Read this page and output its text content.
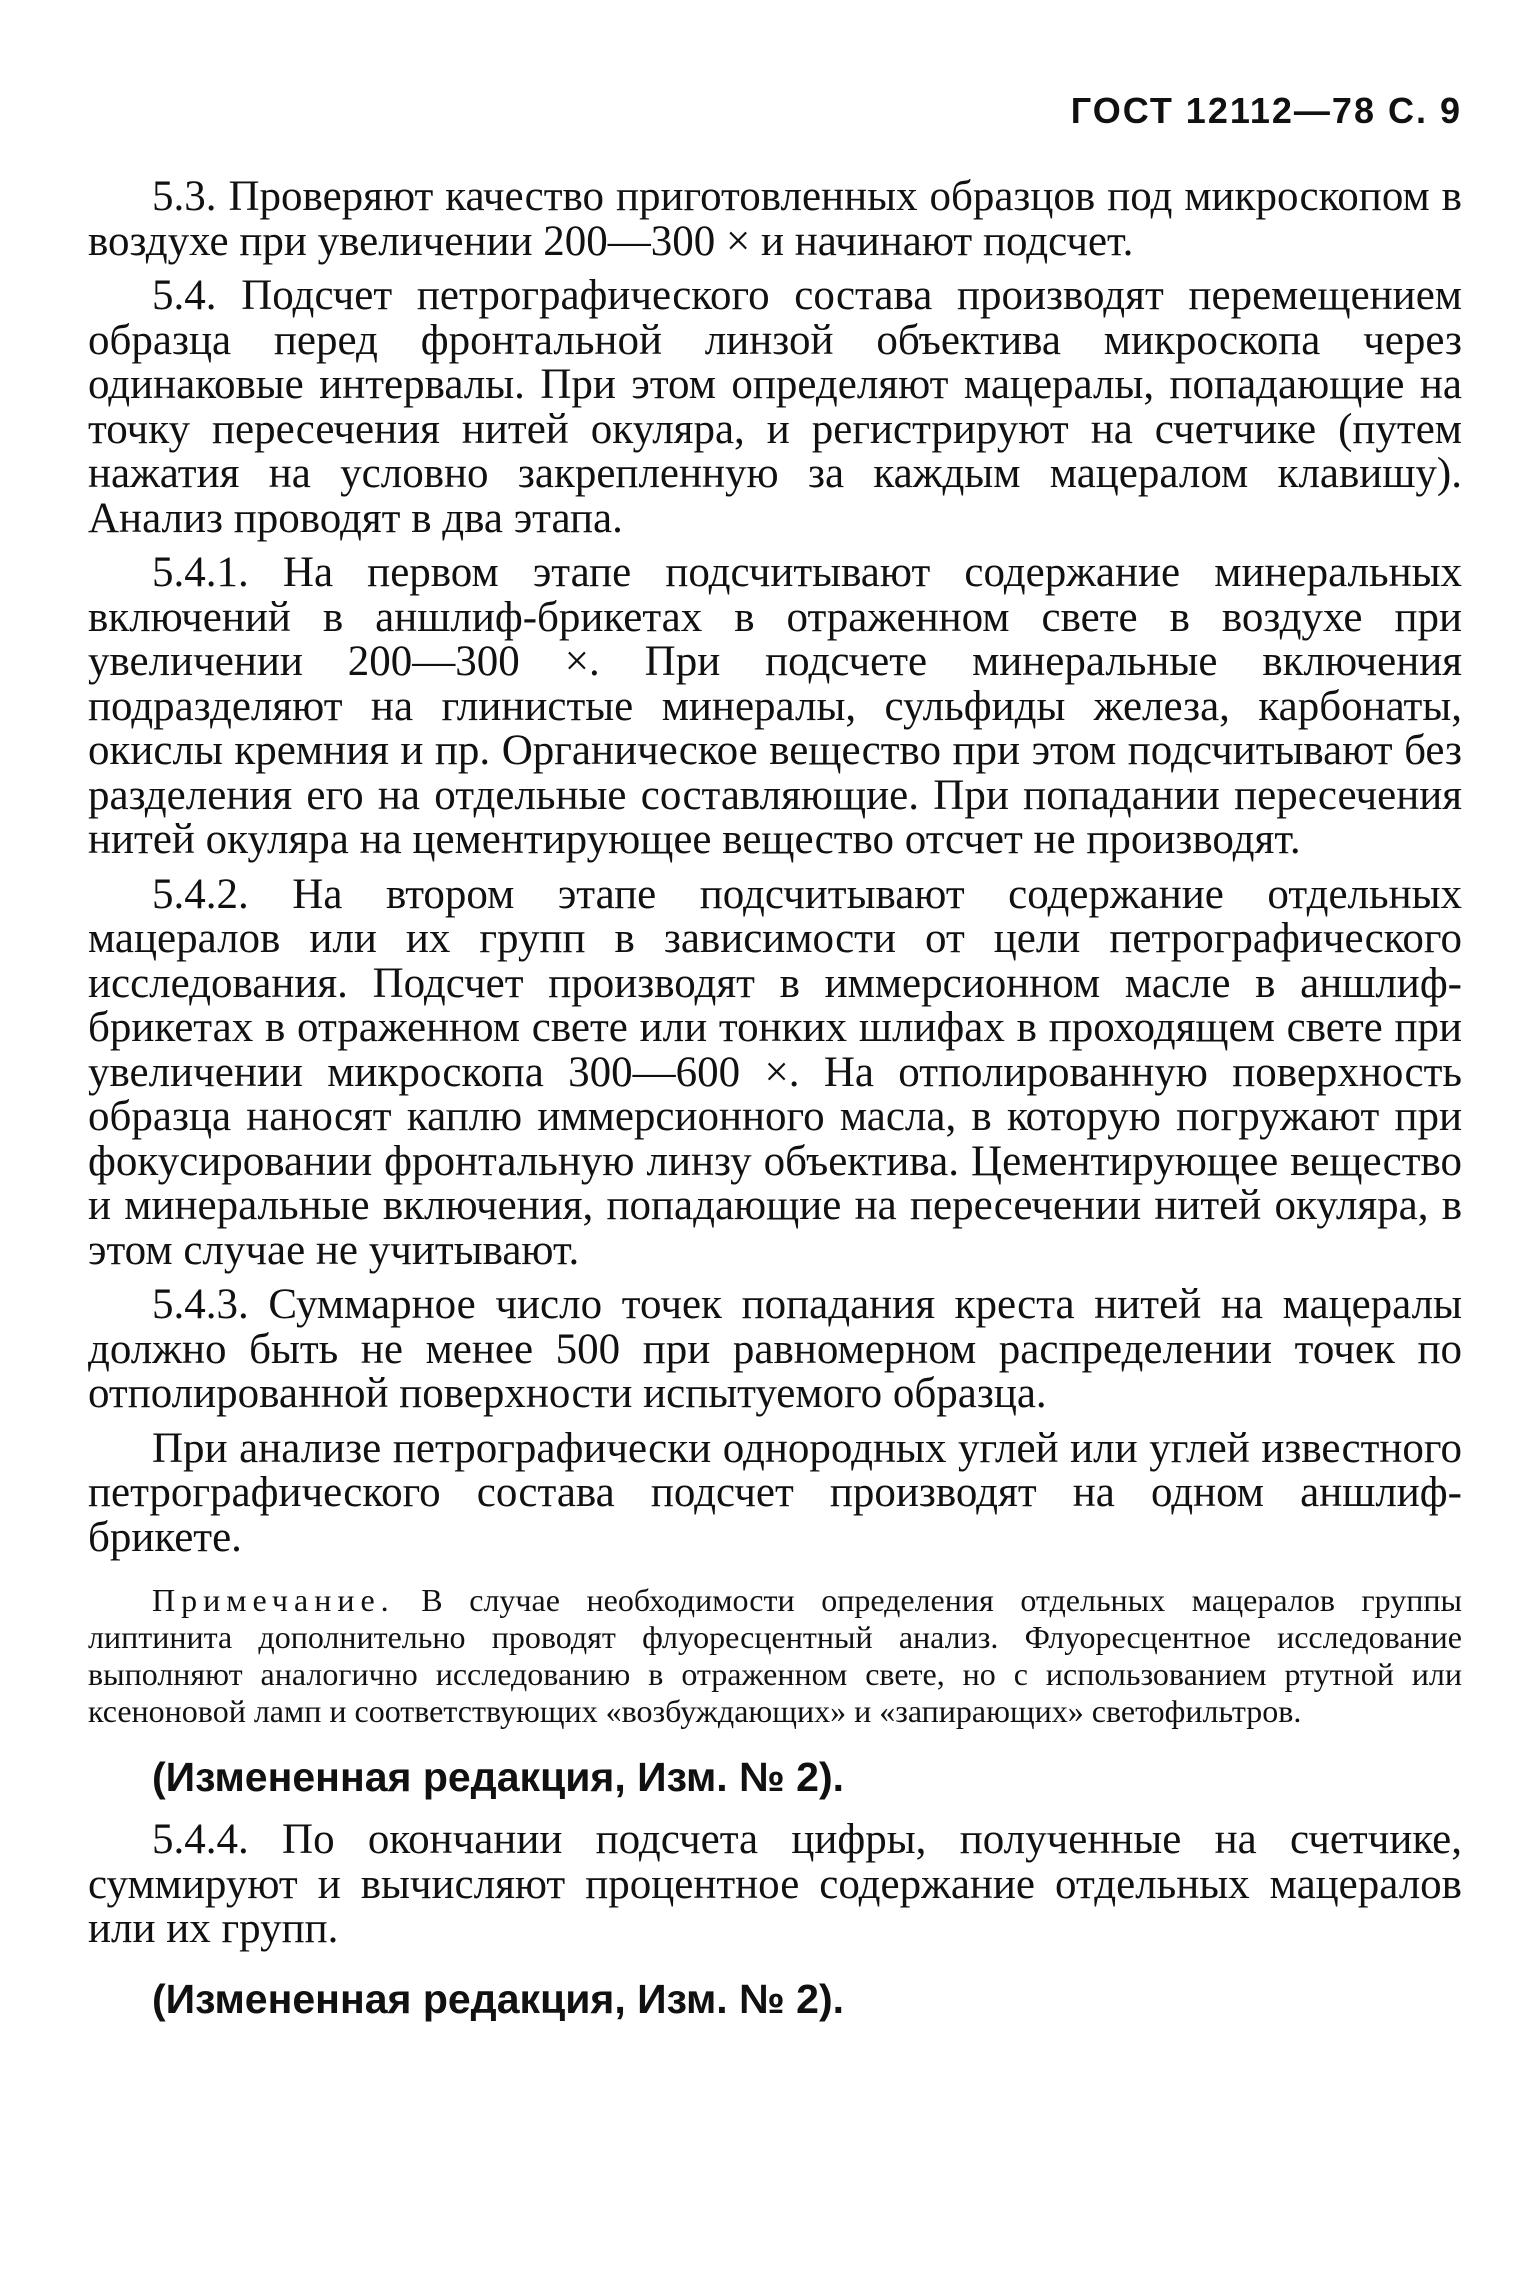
ГОСТ 12112—78 С. 9

5.3. Проверяют качество приготовленных образцов под микроскопом в воздухе при увеличении 200—300 × и начинают подсчет.

5.4. Подсчет петрографического состава производят перемещением образца перед фронтальной линзой объектива микроскопа через одинаковые интервалы. При этом определяют мацералы, попадающие на точку пересечения нитей окуляра, и регистрируют на счетчике (путем нажатия на условно закрепленную за каждым мацералом клавишу). Анализ проводят в два этапа.

5.4.1. На первом этапе подсчитывают содержание минеральных включений в аншлиф-брикетах в отраженном свете в воздухе при увеличении 200—300 ×. При подсчете минеральные включения подразделяют на глинистые минералы, сульфиды железа, карбонаты, окислы кремния и пр. Органическое вещество при этом подсчитывают без разделения его на отдельные составляющие. При попадании пересечения нитей окуляра на цементирующее вещество отсчет не производят.

5.4.2. На втором этапе подсчитывают содержание отдельных мацералов или их групп в зависимости от цели петрографического исследования. Подсчет производят в иммерсионном масле в аншлиф-брикетах в отраженном свете или тонких шлифах в проходящем свете при увеличении микроскопа 300—600 ×. На отполированную поверхность образца наносят каплю иммерсионного масла, в которую погружают при фокусировании фронтальную линзу объектива. Цементирующее вещество и минеральные включения, попадающие на пересечении нитей окуляра, в этом случае не учитывают.

5.4.3. Суммарное число точек попадания креста нитей на мацералы должно быть не менее 500 при равномерном распределении точек по отполированной поверхности испытуемого образца.

При анализе петрографически однородных углей или углей известного петрографического состава подсчет производят на одном аншлиф-брикете.

Примечание. В случае необходимости определения отдельных мацералов группы липтинита дополнительно проводят флуоресцентный анализ. Флуоресцентное исследование выполняют аналогично исследованию в отраженном свете, но с использованием ртутной или ксеноновой ламп и соответствующих «возбуждающих» и «запирающих» светофильтров.

(Измененная редакция, Изм. № 2).

5.4.4. По окончании подсчета цифры, полученные на счетчике, суммируют и вычисляют процентное содержание отдельных мацералов или их групп.

(Измененная редакция, Изм. № 2).
